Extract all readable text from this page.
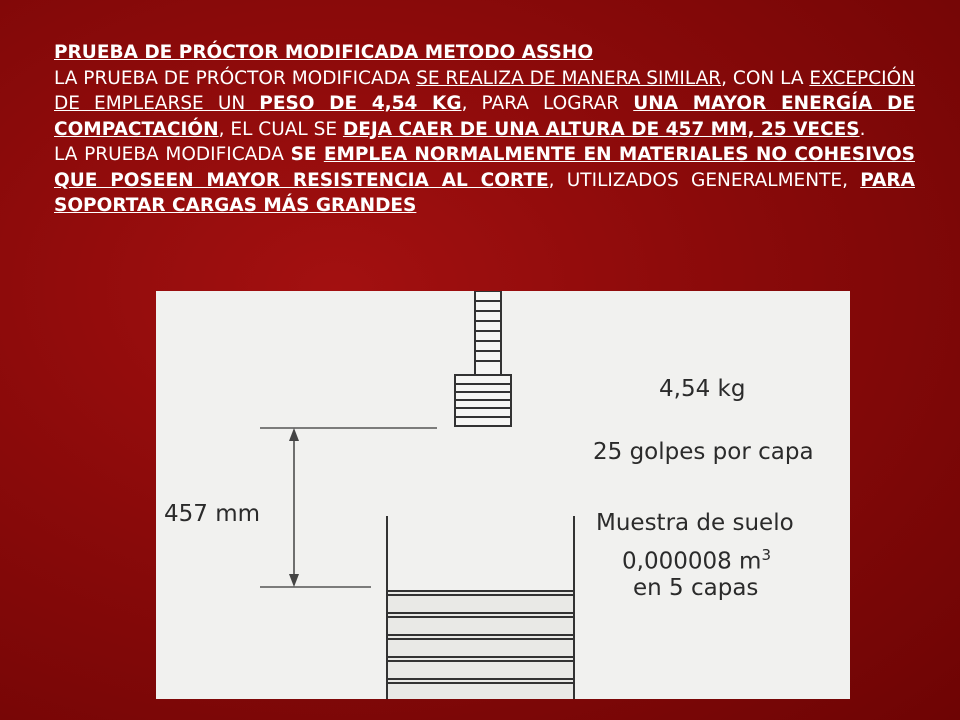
PRUEBA DE PRÓCTOR MODIFICADA METODO ASSHO

LA PRUEBA DE PRÓCTOR MODIFICADA SE REALIZA DE MANERA SIMILAR, CON LA EXCEPCIÓN DE EMPLEARSE UN PESO DE 4,54 KG, PARA LOGRAR UNA MAYOR ENERGÍA DE COMPACTACIÓN, EL CUAL SE DEJA CAER DE UNA ALTURA DE 457 MM, 25 VECES.

LA PRUEBA MODIFICADA SE EMPLEA NORMALMENTE EN MATERIALES NO COHESIVOS QUE POSEEN MAYOR RESISTENCIA AL CORTE, UTILIZADOS GENERALMENTE, PARA SOPORTAR CARGAS MÁS GRANDES

457 mm
4,54 kg
25 golpes por capa
Muestra de suelo
0,000008 $m^3$
en 5 capas
